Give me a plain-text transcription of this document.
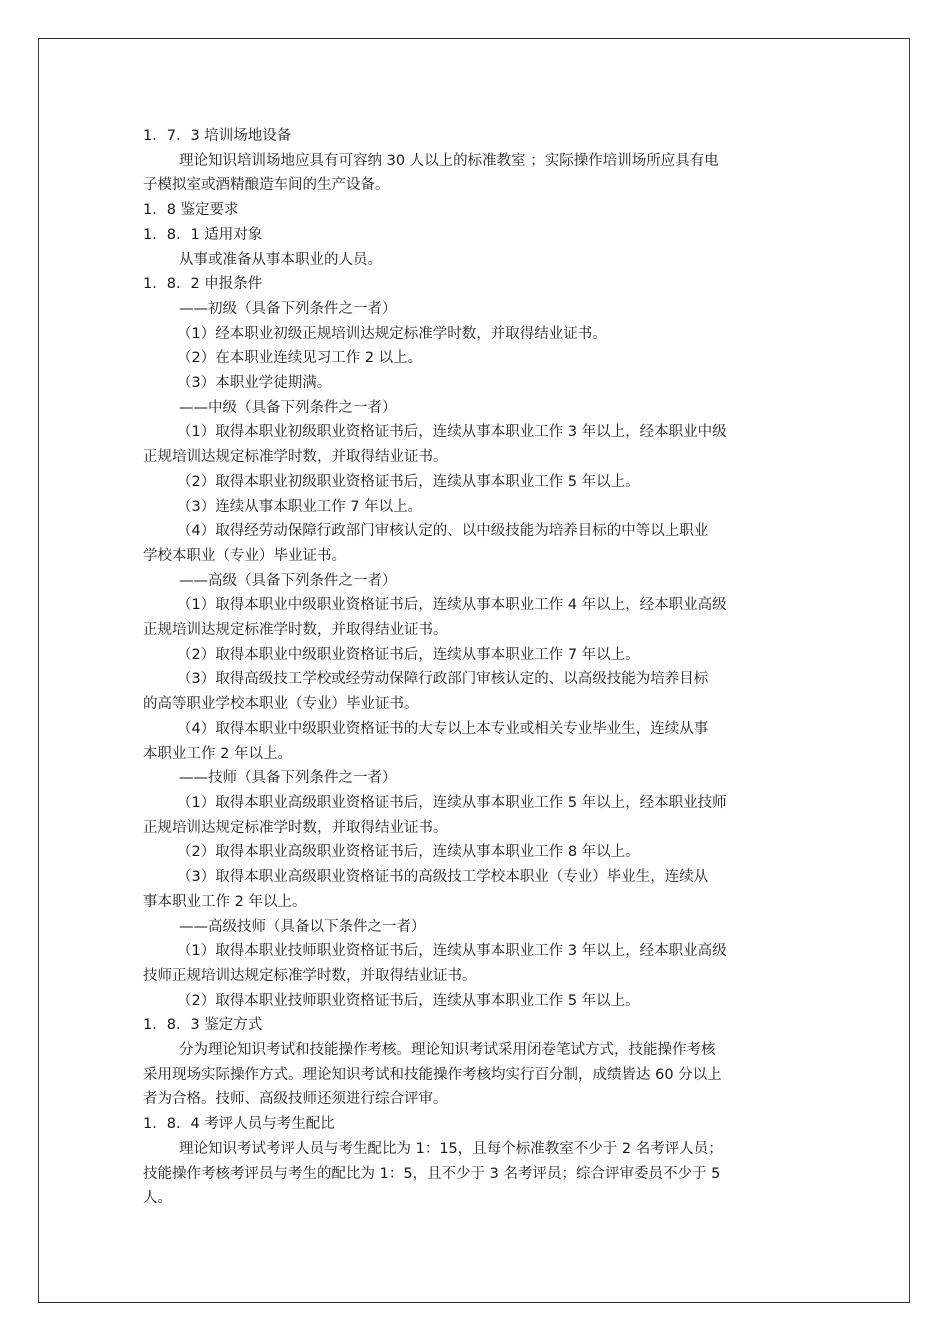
1．7．3 培训场地设备
理论知识培训场地应具有可容纳 30 人以上的标准教室 ；实际操作培训场所应具有电
子模拟室或酒精酿造车间的生产设备。
1．8 鉴定要求
1．8．1 适用对象
从事或准备从事本职业的人员。
1．8．2 申报条件
——初级（具备下列条件之一者）
（1）经本职业初级正规培训达规定标准学时数，并取得结业证书。
（2）在本职业连续见习工作 2 以上。
（3）本职业学徒期满。
——中级（具备下列条件之一者）
（1）取得本职业初级职业资格证书后，连续从事本职业工作 3 年以上，经本职业中级
正规培训达规定标准学时数，并取得结业证书。
（2）取得本职业初级职业资格证书后，连续从事本职业工作 5 年以上。
（3）连续从事本职业工作 7 年以上。
（4）取得经劳动保障行政部门审核认定的、以中级技能为培养目标的中等以上职业
学校本职业（专业）毕业证书。
——高级（具备下列条件之一者）
（1）取得本职业中级职业资格证书后，连续从事本职业工作 4 年以上，经本职业高级
正规培训达规定标准学时数，并取得结业证书。
（2）取得本职业中级职业资格证书后，连续从事本职业工作 7 年以上。
（3）取得高级技工学校或经劳动保障行政部门审核认定的、以高级技能为培养目标
的高等职业学校本职业（专业）毕业证书。
（4）取得本职业中级职业资格证书的大专以上本专业或相关专业毕业生，连续从事
本职业工作 2 年以上。
——技师（具备下列条件之一者）
（1）取得本职业高级职业资格证书后，连续从事本职业工作 5 年以上，经本职业技师
正规培训达规定标准学时数，并取得结业证书。
（2）取得本职业高级职业资格证书后，连续从事本职业工作 8 年以上。
（3）取得本职业高级职业资格证书的高级技工学校本职业（专业）毕业生，连续从
事本职业工作 2 年以上。
——高级技师（具备以下条件之一者）
（1）取得本职业技师职业资格证书后，连续从事本职业工作 3 年以上，经本职业高级
技师正规培训达规定标准学时数，并取得结业证书。
（2）取得本职业技师职业资格证书后，连续从事本职业工作 5 年以上。
1．8．3 鉴定方式
分为理论知识考试和技能操作考核。理论知识考试采用闭卷笔试方式，技能操作考核
采用现场实际操作方式。理论知识考试和技能操作考核均实行百分制，成绩皆达 60 分以上
者为合格。技师、高级技师还须进行综合评审。
1．8．4 考评人员与考生配比
理论知识考试考评人员与考生配比为 1：15，且每个标准教室不少于 2 名考评人员；
技能操作考核考评员与考生的配比为 1：5，且不少于 3 名考评员；综合评审委员不少于 5
人。
